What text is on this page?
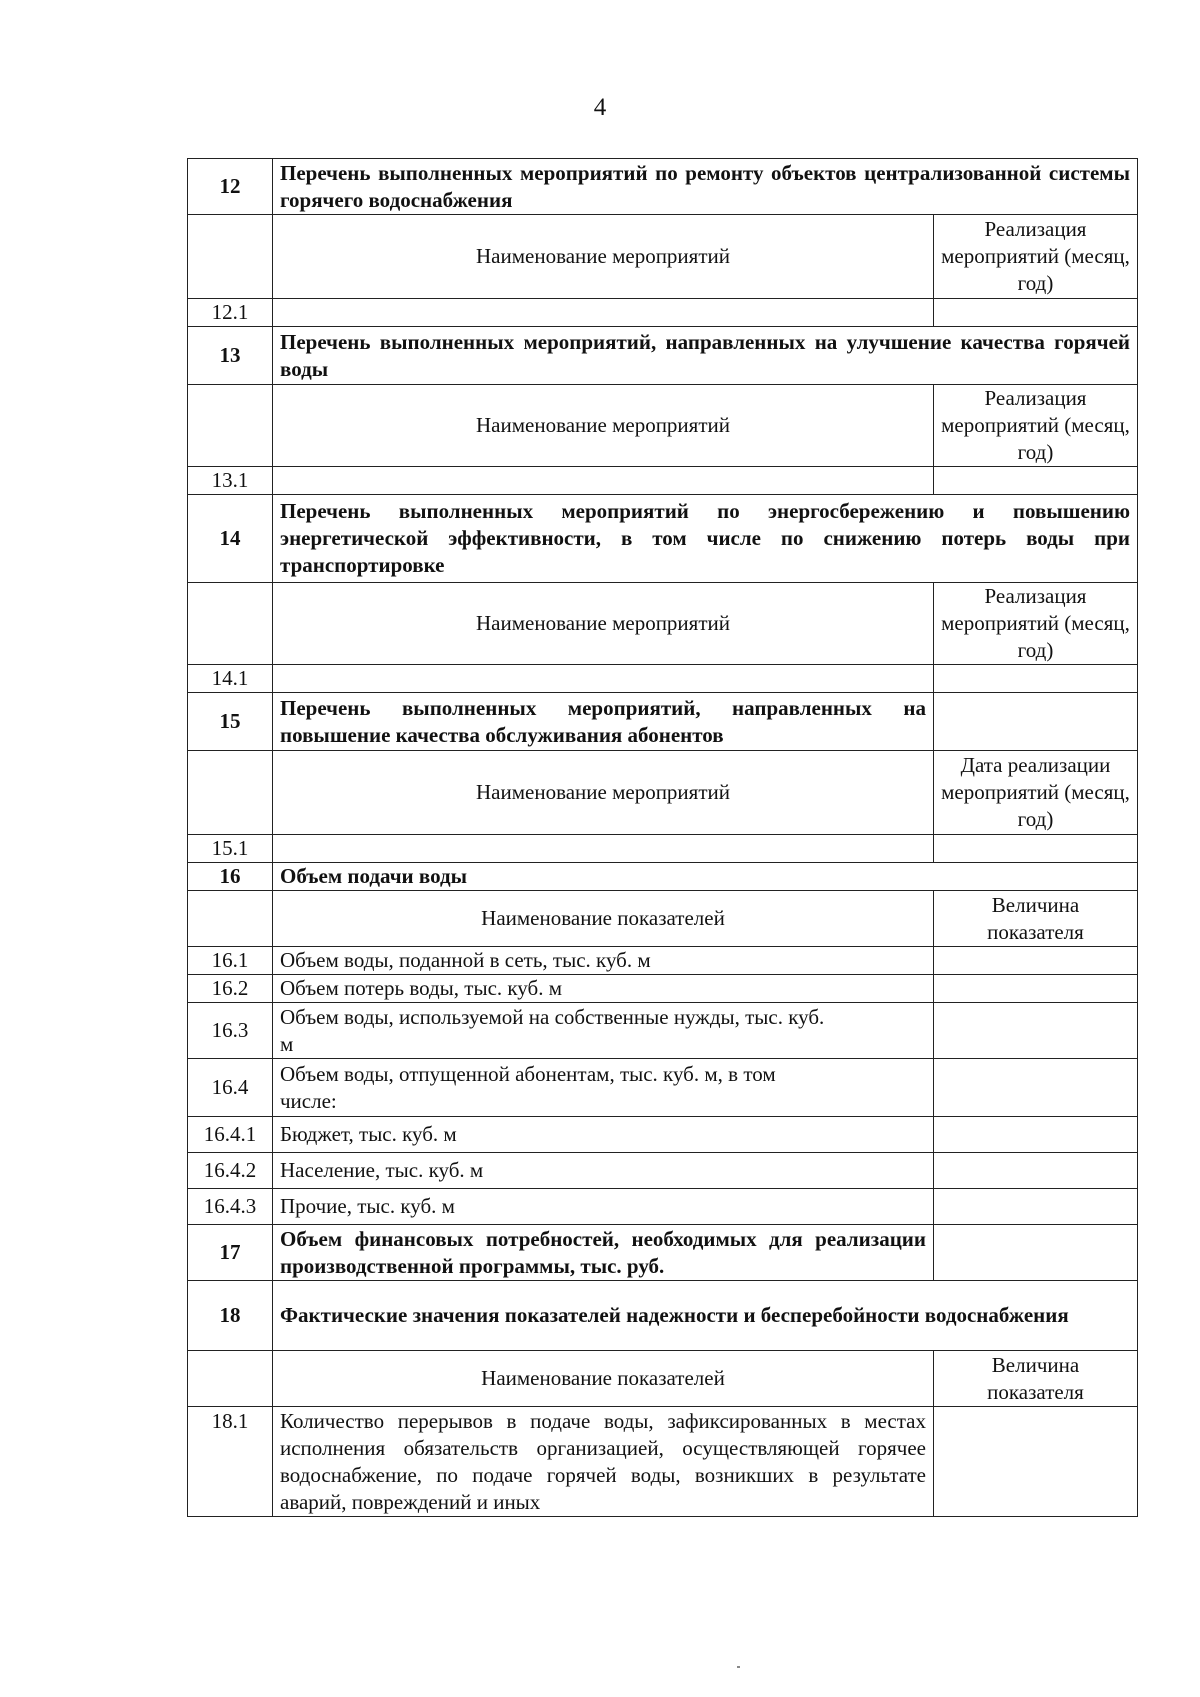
4
12	Перечень выполненных мероприятий по ремонту объектов централизованной системы горячего водоснабжения	
	Наименование мероприятий	Реализация мероприятий (месяц, год)
12.1		
13	Перечень выполненных мероприятий, направленных на улучшение качества горячей воды	
	Наименование мероприятий	Реализация мероприятий (месяц, год)
13.1		
14	Перечень выполненных мероприятий по энергосбережению и повышению энергетической эффективности, в том числе по снижению потерь воды при транспортировке	
	Наименование мероприятий	Реализация мероприятий (месяц, год)
14.1		
15	Перечень выполненных мероприятий, направленных на повышение качества обслуживания абонентов	
	Наименование мероприятий	Дата реализации мероприятий (месяц, год)
15.1		
16	Объем подачи воды	
	Наименование показателей	Величина показателя
16.1	Объем воды, поданной в сеть, тыс. куб. м	
16.2	Объем потерь воды, тыс. куб. м	
16.3	Объем воды, используемой на собственные нужды, тыс. куб. м	
16.4	Объем воды, отпущенной абонентам, тыс. куб. м, в том числе:	
16.4.1	Бюджет, тыс. куб. м	
16.4.2	Население, тыс. куб. м	
16.4.3	Прочие, тыс. куб. м	
17	Объем финансовых потребностей, необходимых для реализации производственной программы, тыс. руб.	
18	Фактические значения показателей надежности и бесперебойности водоснабжения	
	Наименование показателей	Величина показателя
18.1	Количество перерывов в подаче воды, зафиксированных в местах исполнения обязательств организацией, осуществляющей горячее водоснабжение, по подаче горячей воды, возникших в результате аварий, повреждений и иных	
